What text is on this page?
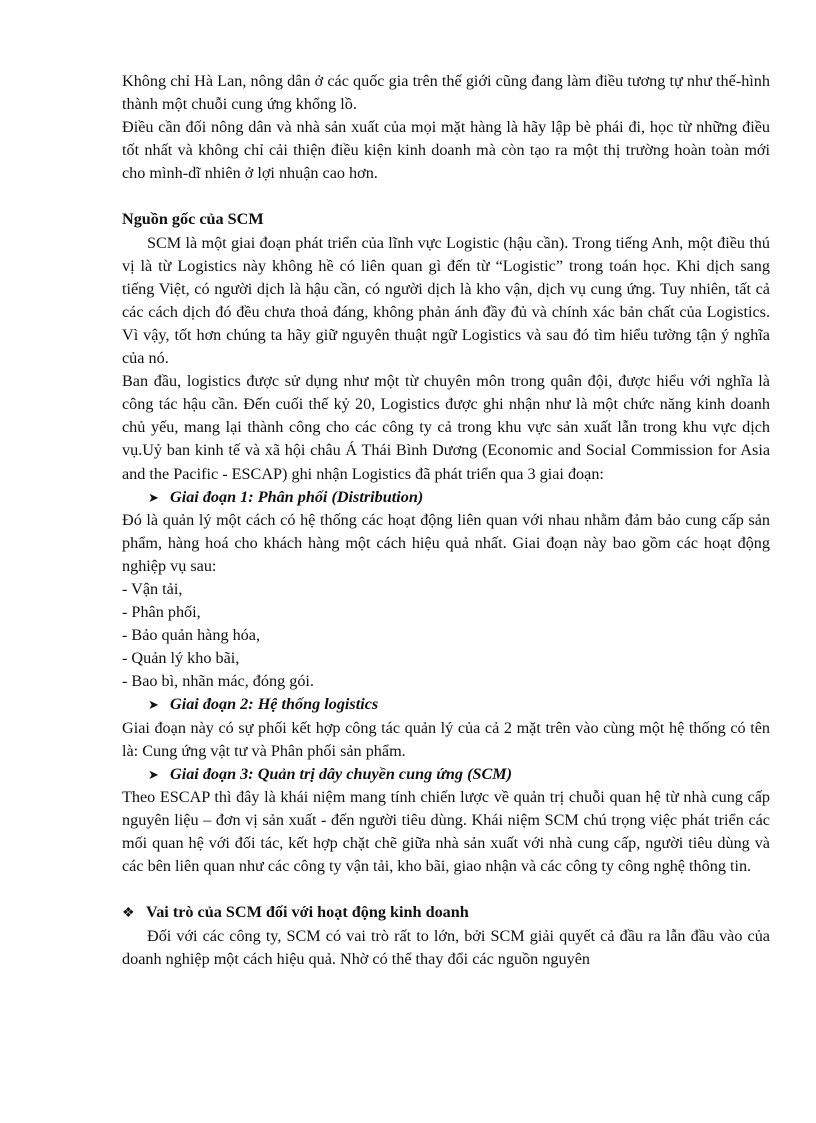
Không chỉ Hà Lan, nông dân ở các quốc gia trên thế giới cũng đang làm điều tương tự như thế-hình thành một chuỗi cung ứng khổng lồ.

Điều cần đối nông dân và nhà sản xuất của mọi mặt hàng là hãy lập bè phái đi, học từ những điều tốt nhất và không chỉ cải thiện điều kiện kinh doanh mà còn tạo ra một thị trường hoàn toàn mới cho mình-dĩ nhiên ở lợi nhuận cao hơn.

Nguồn gốc của SCM

SCM là một giai đoạn phát triển của lĩnh vực Logistic (hậu cần). Trong tiếng Anh, một điều thú vị là từ Logistics này không hề có liên quan gì đến từ “Logistic” trong toán học. Khi dịch sang tiếng Việt, có người dịch là hậu cần, có người dịch là kho vận, dịch vụ cung ứng. Tuy nhiên, tất cả các cách dịch đó đều chưa thoả đáng, không phản ánh đầy đủ và chính xác bản chất của Logistics. Vì vậy, tốt hơn chúng ta hãy giữ nguyên thuật ngữ Logistics và sau đó tìm hiểu tường tận ý nghĩa của nó.

Ban đầu, logistics được sử dụng như một từ chuyên môn trong quân đội, được hiểu với nghĩa là công tác hậu cần. Đến cuối thế kỷ 20, Logistics được ghi nhận như là một chức năng kinh doanh chủ yếu, mang lại thành công cho các công ty cả trong khu vực sản xuất lẫn trong khu vực dịch vụ.Uỷ ban kinh tế và xã hội châu Á Thái Bình Dương (Economic and Social Commission for Asia and the Pacific - ESCAP) ghi nhận Logistics đã phát triển qua 3 giai đoạn:

➤ Giai đoạn 1: Phân phối (Distribution)

Đó là quản lý một cách có hệ thống các hoạt động liên quan với nhau nhằm đảm bảo cung cấp sản phẩm, hàng hoá cho khách hàng một cách hiệu quả nhất. Giai đoạn này bao gồm các hoạt động nghiệp vụ sau:

- Vận tải,

- Phân phối,

- Bảo quản hàng hóa,

- Quản lý kho bãi,

- Bao bì, nhãn mác, đóng gói.

➤ Giai đoạn 2: Hệ thống logistics

Giai đoạn này có sự phối kết hợp công tác quản lý của cả 2 mặt trên vào cùng một hệ thống có tên là: Cung ứng vật tư và Phân phối sản phẩm.

➤ Giai đoạn 3: Quản trị dây chuyền cung ứng (SCM)

Theo ESCAP thì đây là khái niệm mang tính chiến lược về quản trị chuỗi quan hệ từ nhà cung cấp nguyên liệu – đơn vị sản xuất - đến người tiêu dùng. Khái niệm SCM chú trọng việc phát triển các mối quan hệ với đối tác, kết hợp chặt chẽ giữa nhà sản xuất với nhà cung cấp, người tiêu dùng và các bên liên quan như các công ty vận tải, kho bãi, giao nhận và các công ty công nghệ thông tin.

❖ Vai trò của SCM đối với hoạt động kinh doanh

Đối với các công ty, SCM có vai trò rất to lớn, bởi SCM giải quyết cả đầu ra lẫn đầu vào của doanh nghiệp một cách hiệu quả. Nhờ có thể thay đổi các nguồn nguyên
